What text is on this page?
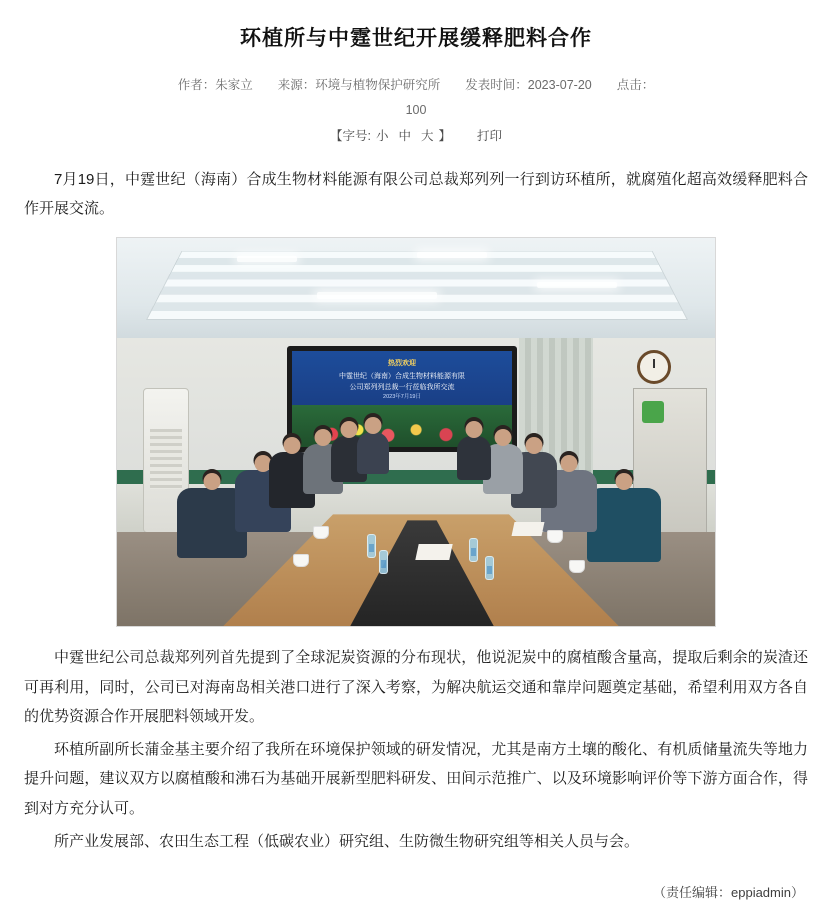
环植所与中霆世纪开展缓释肥料合作
作者：朱家立 来源：环境与植物保护研究所 发表时间：2023-07-20 点击：
100
【字号: 小 中 大 】 打印

7月19日，中霆世纪（海南）合成生物材料能源有限公司总裁郑列列一行到访环植所，就腐殖化超高效缓释肥料合作开展交流。

热烈欢迎
中霆世纪（海南）合成生物材料能源有限
公司郑列列总裁一行莅临我所交流
2023年7月19日

中霆世纪公司总裁郑列列首先提到了全球泥炭资源的分布现状，他说泥炭中的腐植酸含量高，提取后剩余的炭渣还可再利用，同时，公司已对海南岛相关港口进行了深入考察，为解决航运交通和靠岸问题奠定基础，希望利用双方各自的优势资源合作开展肥料领域开发。

环植所副所长蒲金基主要介绍了我所在环境保护领域的研发情况，尤其是南方土壤的酸化、有机质储量流失等地力提升问题，建议双方以腐植酸和沸石为基础开展新型肥料研发、田间示范推广、以及环境影响评价等下游方面合作，得到对方充分认可。

所产业发展部、农田生态工程（低碳农业）研究组、生防微生物研究组等相关人员与会。

（责任编辑：eppiadmin）
